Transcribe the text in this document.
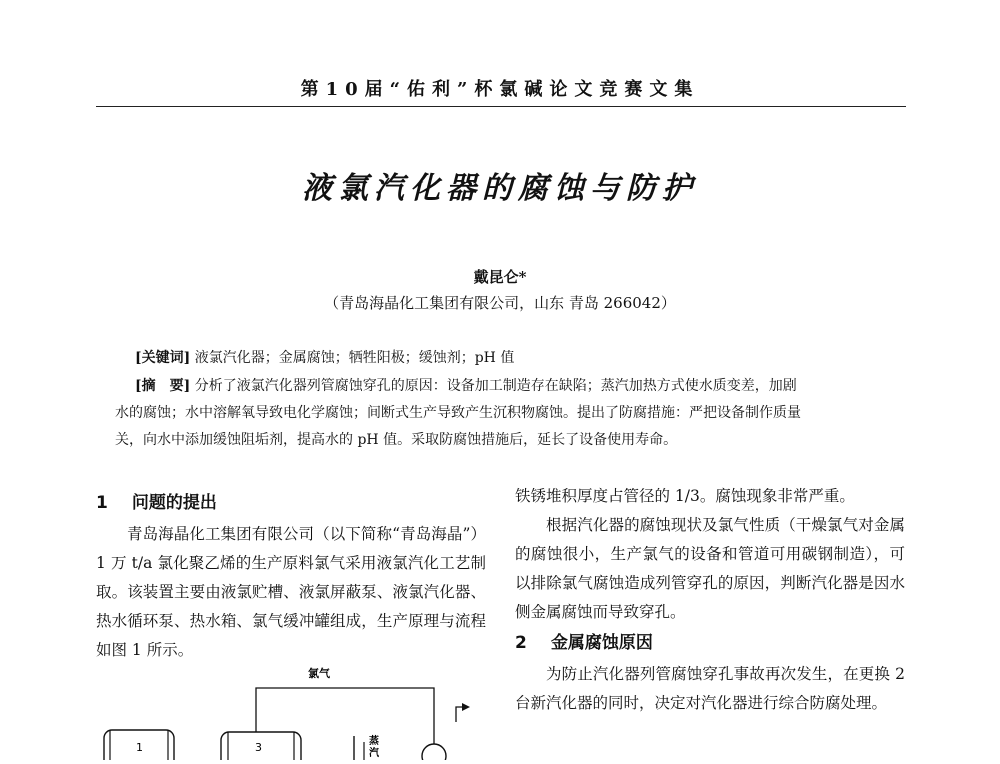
第10届“佑利”杯氯碱论文竞赛文集
液氯汽化器的腐蚀与防护
戴昆仑*
（青岛海晶化工集团有限公司，山东 青岛 266042）
[关键词] 液氯汽化器；金属腐蚀；牺牲阳极；缓蚀剂；pH 值
[摘　要] 分析了液氯汽化器列管腐蚀穿孔的原因：设备加工制造存在缺陷；蒸汽加热方式使水质变差，加剧
水的腐蚀；水中溶解氧导致电化学腐蚀；间断式生产导致产生沉积物腐蚀。提出了防腐措施：严把设备制作质量
关，向水中添加缓蚀阻垢剂，提高水的 pH 值。采取防腐蚀措施后，延长了设备使用寿命。
1 问题的提出

青岛海晶化工集团有限公司（以下简称“青岛海晶”）1 万 t/a 氯化聚乙烯的生产原料氯气采用液氯汽化工艺制取。该装置主要由液氯贮槽、液氯屏蔽泵、液氯汽化器、热水循环泵、热水箱、氯气缓冲罐组成，生产原理与流程如图 1 所示。

氯气
1	3	蒸
汽

铁锈堆积厚度占管径的 1/3。腐蚀现象非常严重。

根据汽化器的腐蚀现状及氯气性质（干燥氯气对金属的腐蚀很小，生产氯气的设备和管道可用碳钢制造），可以排除氯气腐蚀造成列管穿孔的原因，判断汽化器是因水侧金属腐蚀而导致穿孔。

2 金属腐蚀原因

为防止汽化器列管腐蚀穿孔事故再次发生，在更换 2 台新汽化器的同时，决定对汽化器进行综合防腐处理。
